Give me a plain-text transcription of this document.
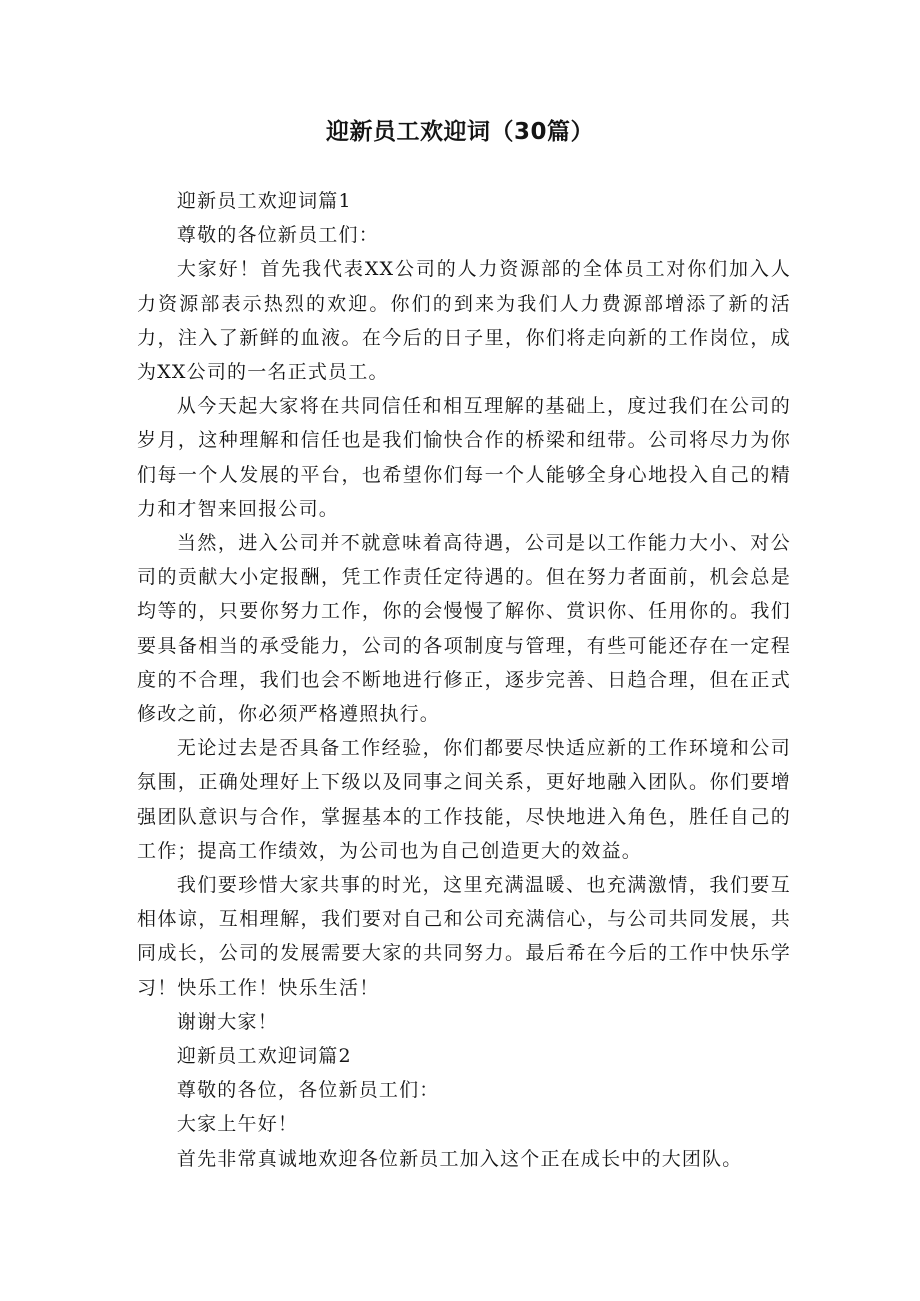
迎新员工欢迎词（30篇）

迎新员工欢迎词篇1

尊敬的各位新员工们：

大家好！首先我代表XX公司的人力资源部的全体员工对你们加入人力资源部表示热烈的欢迎。你们的到来为我们人力费源部增添了新的活力，注入了新鲜的血液。在今后的日子里，你们将走向新的工作岗位，成为XX公司的一名正式员工。

从今天起大家将在共同信任和相互理解的基础上，度过我们在公司的岁月，这种理解和信任也是我们愉快合作的桥梁和纽带。公司将尽力为你们每一个人发展的平台，也希望你们每一个人能够全身心地投入自己的精力和才智来回报公司。

当然，进入公司并不就意味着高待遇，公司是以工作能力大小、对公司的贡献大小定报酬，凭工作责任定待遇的。但在努力者面前，机会总是均等的，只要你努力工作，你的会慢慢了解你、赏识你、任用你的。我们要具备相当的承受能力，公司的各项制度与管理，有些可能还存在一定程度的不合理，我们也会不断地进行修正，逐步完善、日趋合理，但在正式修改之前，你必须严格遵照执行。

无论过去是否具备工作经验，你们都要尽快适应新的工作环境和公司氛围，正确处理好上下级以及同事之间关系，更好地融入团队。你们要增强团队意识与合作，掌握基本的工作技能，尽快地进入角色，胜任自己的工作；提高工作绩效，为公司也为自己创造更大的效益。

我们要珍惜大家共事的时光，这里充满温暖、也充满激情，我们要互相体谅，互相理解，我们要对自己和公司充满信心，与公司共同发展，共同成长，公司的发展需要大家的共同努力。最后希在今后的工作中快乐学习！快乐工作！快乐生活！

谢谢大家！

迎新员工欢迎词篇2

尊敬的各位，各位新员工们：

大家上午好！

首先非常真诚地欢迎各位新员工加入这个正在成长中的大团队。
